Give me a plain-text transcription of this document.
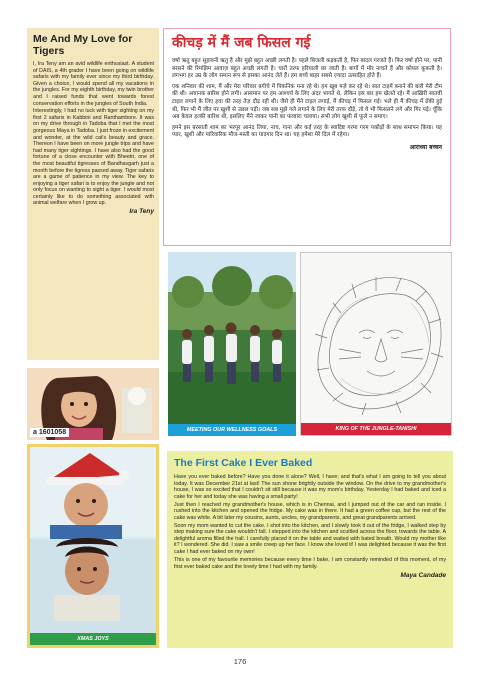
Me And My Love for Tigers

I, Ira Teny am an avid wildlife enthusiast. A student of DAIS, a 4th grader I have been going on wildlife safaris with my family ever since my third birthday. Given a choice, I would spend all my vacations in the jungles. For my eighth birthday, my twin brother and I raised funds that went towards forest conservation efforts in the jungles of South India.

Interestingly, I had no luck with tiger sighting on my first 2 safaris in Kabbini and Ranthambore. It was on my drive through in Tadoba that I met the most gorgeous Maya in Tadoba. I just froze in excitement and wonder, at the wild cat's beauty and grace. Thereon I have been on more jungle trips and have had many tiger sightings. I have also had the good fortune of a close encounter with Bheetri, one of the most beautiful tigresses of Bandhavgarh just a month before the tigress passed away. Tiger safaris are a game of patience in my view. The key to enjoying a tiger safari is to enjoy the jungle and not only focus on wanting to sight a tiger. I would most certainly like to do something associated with animal welfare when I grow up.

Ira Teny
कीचड़ में मैं जब फिसल गई

वर्षा ऋतु बहुत सुहावनी ऋतु है और मुझे बहुत अच्छी लगती है। पहले बिजली कड़कती है, फिर बादल गरजते हैं। फिर वर्षा होने पर, पानी बरसने की रिमझिम आवाज़ बहुत अच्छी लगती है। चारों तरफ हरियाली छा जाती है। बागों में मोर नाचते हैं और कोयल कूकती है। लगभग हर उम्र के लोग समान रूप से इसका आनंद लेते हैं। हम बच्चे बाहर सबसे ज़्यादा उत्साहित होते हैं।

एक शनिवार की शाम, मैं और मेरा परिवार बगीचे में पिकनिक मना रहे थे। हम खूब मज़े कर रहे थे। सात टाइमें बनाने की बारी मेरी टीम की थी। अचानक बारिश होने लगी। आसमान पर हम आश्चर्य के लिए अंदर भागते थे, लेकिन इस बार हम खेलते रहे। मैं आख़िरी सातवीं टाइल लगाने के लिए हवा की तरह तेज़ दौड़ रही थी। जैसे ही मैंने टाइल लगाई, मैं कीचड़ में फिसल गई। भले ही मैं कीचड़ में ढँकी हुई थी, फिर भी मैं जीत पर खुशी से उछल पड़ी। जब सब मुझे गले लगाने के लिए मेरी तरफ दौड़े, तो वे भी फिसलने लगे और गिर पड़े। चूँकि अब केवल हल्की बारिश थी, इसलिए मैंने जाकर पानी का फव्वारा चलाया। सभी लोग खुशी से फूले न समाए।

हमने इस बरसाती शाम का भरपूर आनंद लिया, नाच, गाना और कई तरह के स्वादिष्ट गरमा गरम पकौड़ों के साथ समापन किया। यह प्यार, खुशी और पारिवारिक मौज-मस्ती का यादगार दिन था। यह हमेशा मेरे दिल में रहेगा।

आराध्या बच्चन
MEETING OUR WELLNESS GOALS	KING OF THE JUNGLE-TANISHI
a 1601058
XMAS JOYS
The First Cake I Ever Baked

Have you ever baked before? Have you done it alone? Well, I have; and that's what I am going to tell you about today. It was December 21st at last! The sun shone brightly outside the window. On the drive to my grandmother's house, I was so excited that I couldn't sit still because it was my mom's birthday. Yesterday I had baked and iced a cake for her and today she was having a small party!

Just then I reached my grandmother's house, which is in Chennai, and I jumped out of the car and ran inside. I rushed into the kitchen and opened the fridge. My cake was in there. It had a green coffee cup, but the rest of the cake was white. A bit later my cousins, aunts, uncles, my grandparents, and great grandparents arrived.

Soon my mom wanted to cut the cake. I shot into the kitchen, and I slowly took it out of the fridge, I walked step by step making sure the cake wouldn't fall. I stepped into the kitchen and scuttled across the floor, towards the table. A delightful aroma filled the hall. I carefully placed it on the table and waited with bated breath. Would my mother like it? I wondered. She did. I saw a smile creep up her face. I know she loved it! I was delighted because it was the first cake I had ever baked on my own!

This is one of my favourite memories because every time I bake, I am constantly reminded of this moment, of my first ever baked cake and the lovely time I had with my family.

Maya Candade
176
